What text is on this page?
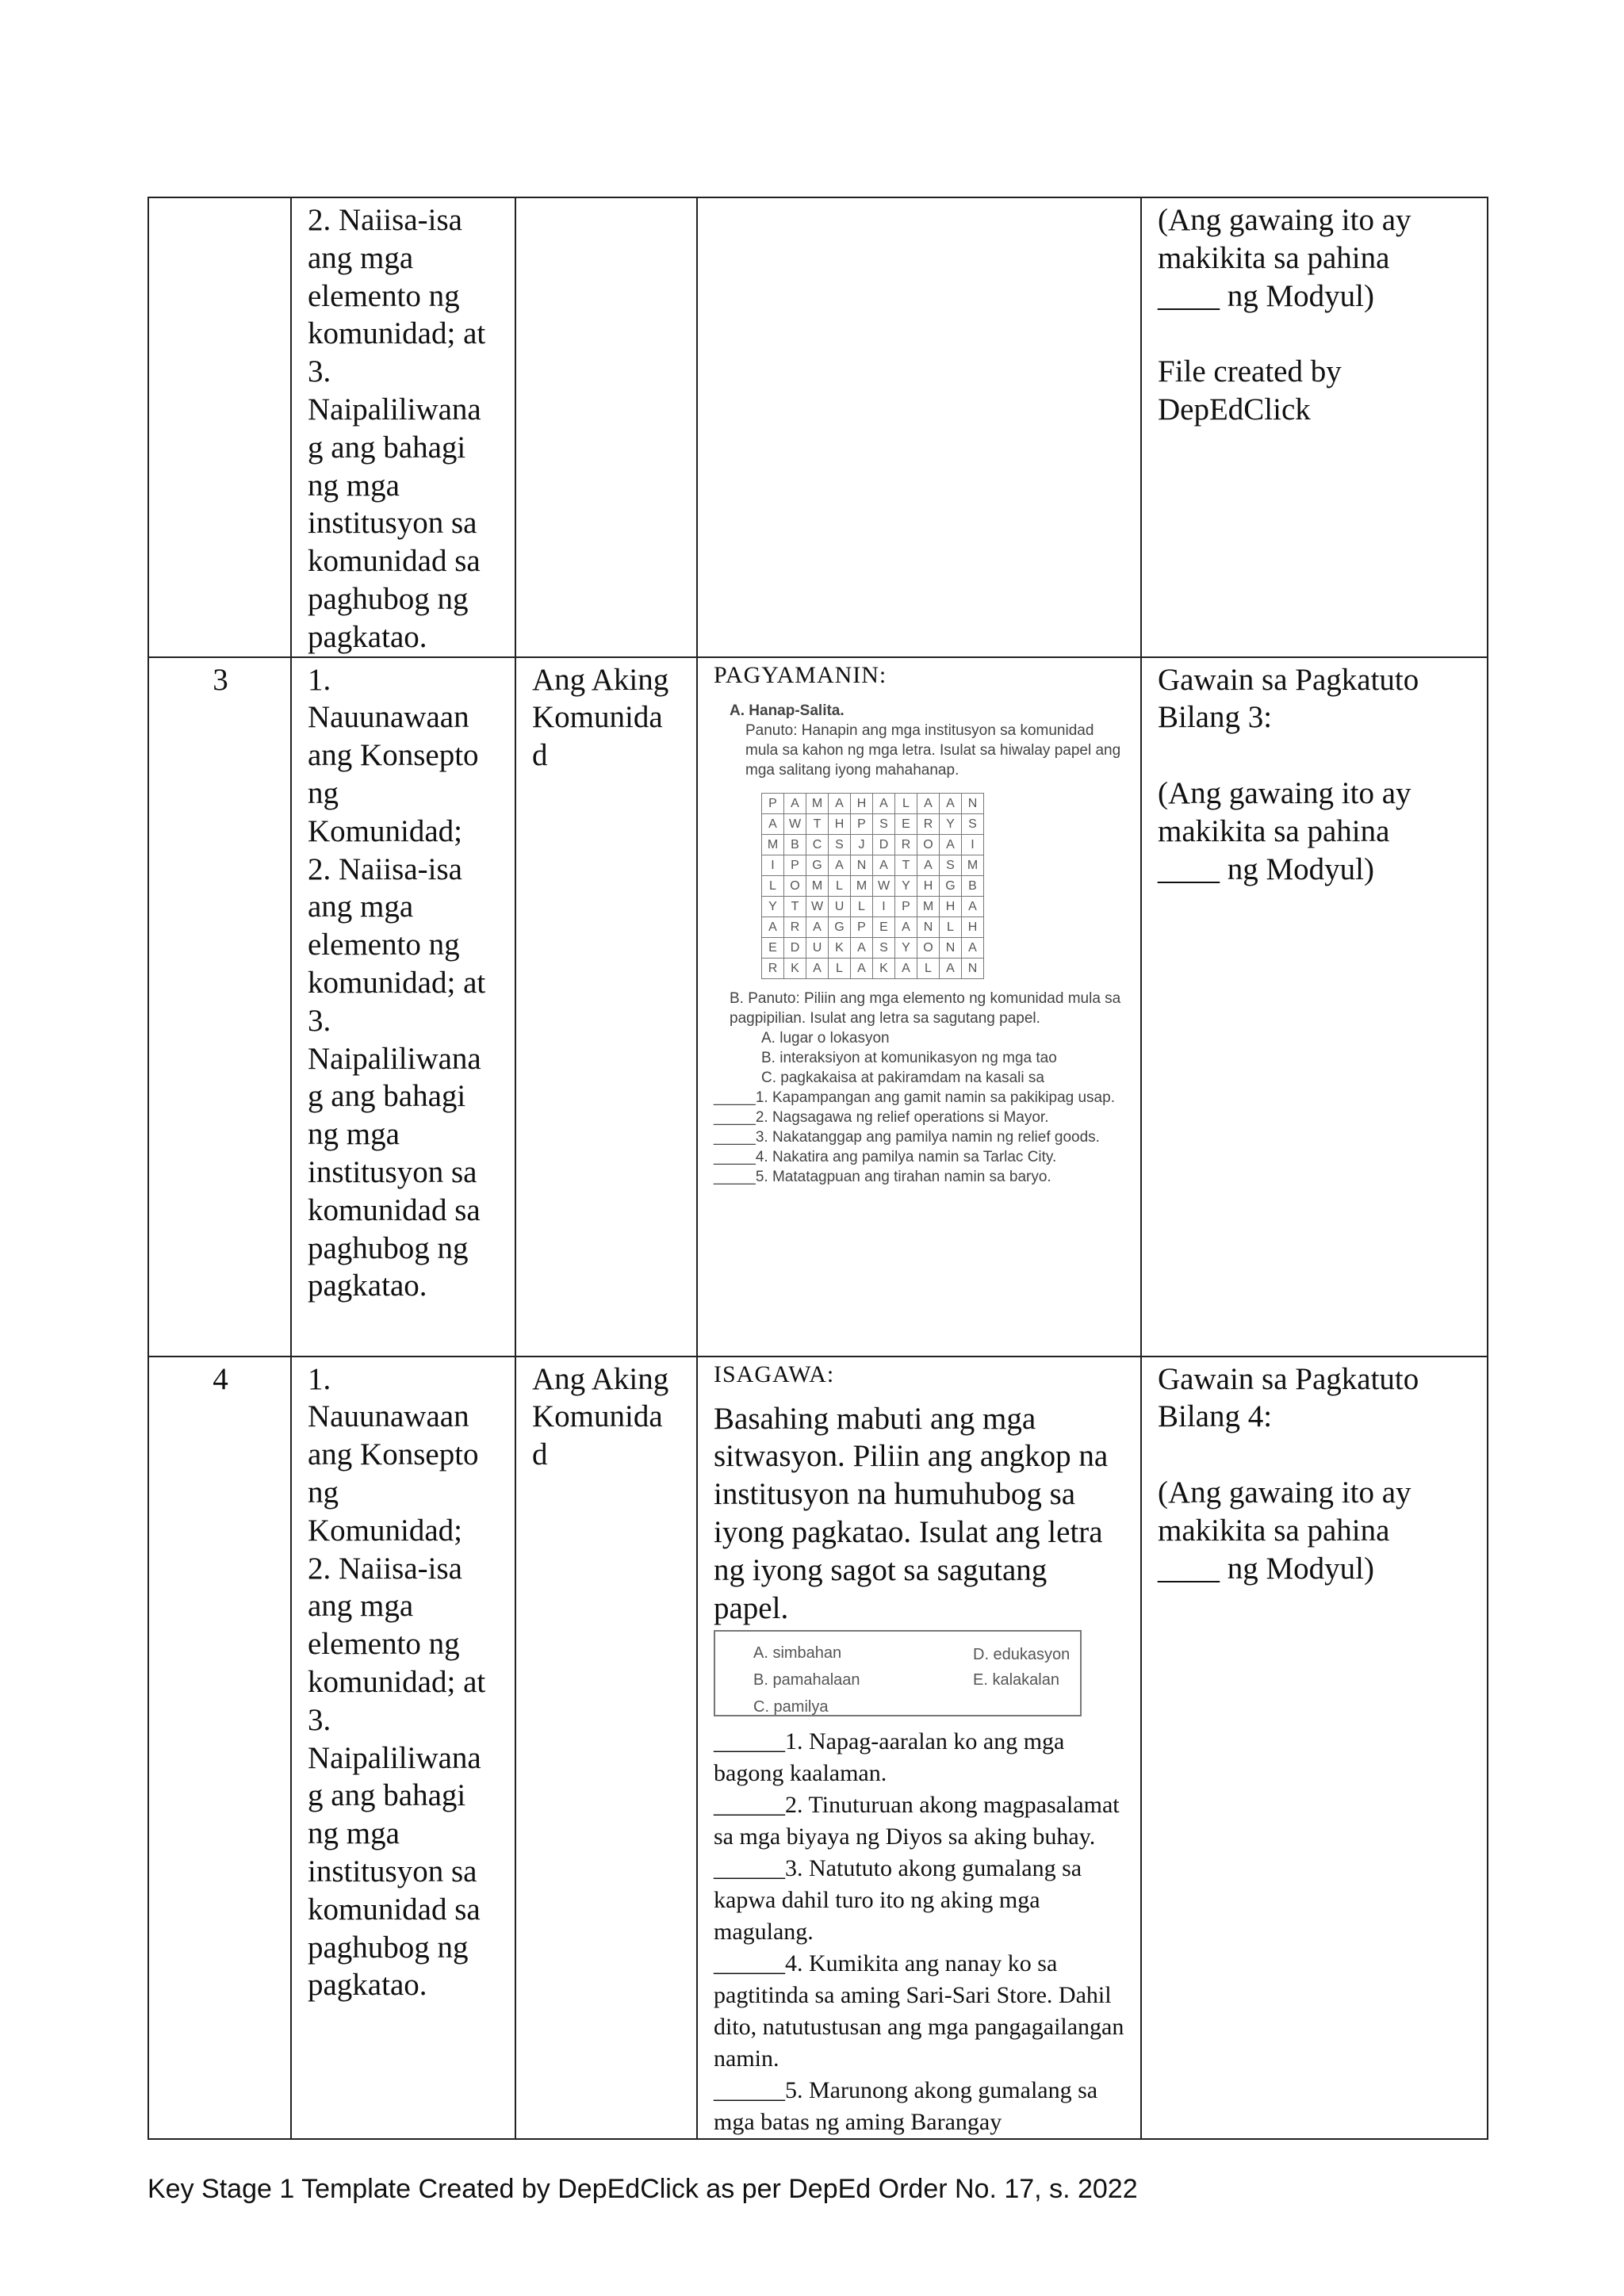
	2. Naiisa-isa
ang mga
elemento ng
komunidad; at
3.
Naipaliliwana
g ang bahagi
ng mga
institusyon sa
komunidad sa
paghubog ng
pagkatao.			(Ang gawaing ito ay
makikita sa pahina
____ ng Modyul)

File created by
DepEdClick
3	1.
Nauunawaan
ang Konsepto
ng
Komunidad;
2. Naiisa-isa
ang mga
elemento ng
komunidad; at
3.
Naipaliliwana
g ang bahagi
ng mga
institusyon sa
komunidad sa
paghubog ng
pagkatao.	Ang Aking
Komunida
d	
PAGYAMANIN:
A. Hanap-Salita.
Panuto: Hanapin ang mga institusyon sa komunidad mula sa kahon ng mga letra. Isulat sa hiwalay papel ang mga salitang iyong mahahanap.
P	A	M	A	H	A	L	A	A	N
A	W	T	H	P	S	E	R	Y	S
M	B	C	S	J	D	R	O	A	I
I	P	G	A	N	A	T	A	S	M
L	O	M	L	M	W	Y	H	G	B
Y	T	W	U	L	I	P	M	H	A
A	R	A	G	P	E	A	N	L	H
E	D	U	K	A	S	Y	O	N	A
R	K	A	L	A	K	A	L	A	N
B. Panuto: Piliin ang mga elemento ng komunidad mula sa pagpipilian. Isulat ang letra sa sagutang papel.
A. lugar o lokasyon
B. interaksiyon at komunikasyon ng mga tao
C. pagkakaisa at pakiramdam na kasali sa
_____1. Kapampangan ang gamit namin sa pakikipag usap.
_____2. Nagsagawa ng relief operations si Mayor.
_____3. Nakatanggap ang pamilya namin ng relief goods.
_____4. Nakatira ang pamilya namin sa Tarlac City.
_____5. Matatagpuan ang tirahan namin sa baryo.
	Gawain sa Pagkatuto
Bilang 3:

(Ang gawaing ito ay
makikita sa pahina
____ ng Modyul)
4	1.
Nauunawaan
ang Konsepto
ng
Komunidad;
2. Naiisa-isa
ang mga
elemento ng
komunidad; at
3.
Naipaliliwana
g ang bahagi
ng mga
institusyon sa
komunidad sa
paghubog ng
pagkatao.	Ang Aking
Komunida
d	
ISAGAWA:
Basahing mabuti ang mga sitwasyon. Piliin ang angkop na institusyon na humuhubog sa iyong pagkatao. Isulat ang letra ng iyong sagot sa sagutang papel.
A. simbahan
B. pamahalaan
C. pamilya
D. edukasyon
E. kalakalan
______1. Napag-aaralan ko ang mga bagong kaalaman.
______2. Tinuturuan akong magpasalamat sa mga biyaya ng Diyos sa aking buhay.
______3. Natututo akong gumalang sa kapwa dahil turo ito ng aking mga magulang.
______4. Kumikita ang nanay ko sa pagtitinda sa aming Sari-Sari Store. Dahil dito, natutustusan ang mga pangagailangan namin.
______5. Marunong akong gumalang sa mga batas ng aming Barangay
	Gawain sa Pagkatuto
Bilang 4:

(Ang gawaing ito ay
makikita sa pahina
____ ng Modyul)
Key Stage 1 Template Created by DepEdClick as per DepEd Order No. 17, s. 2022
